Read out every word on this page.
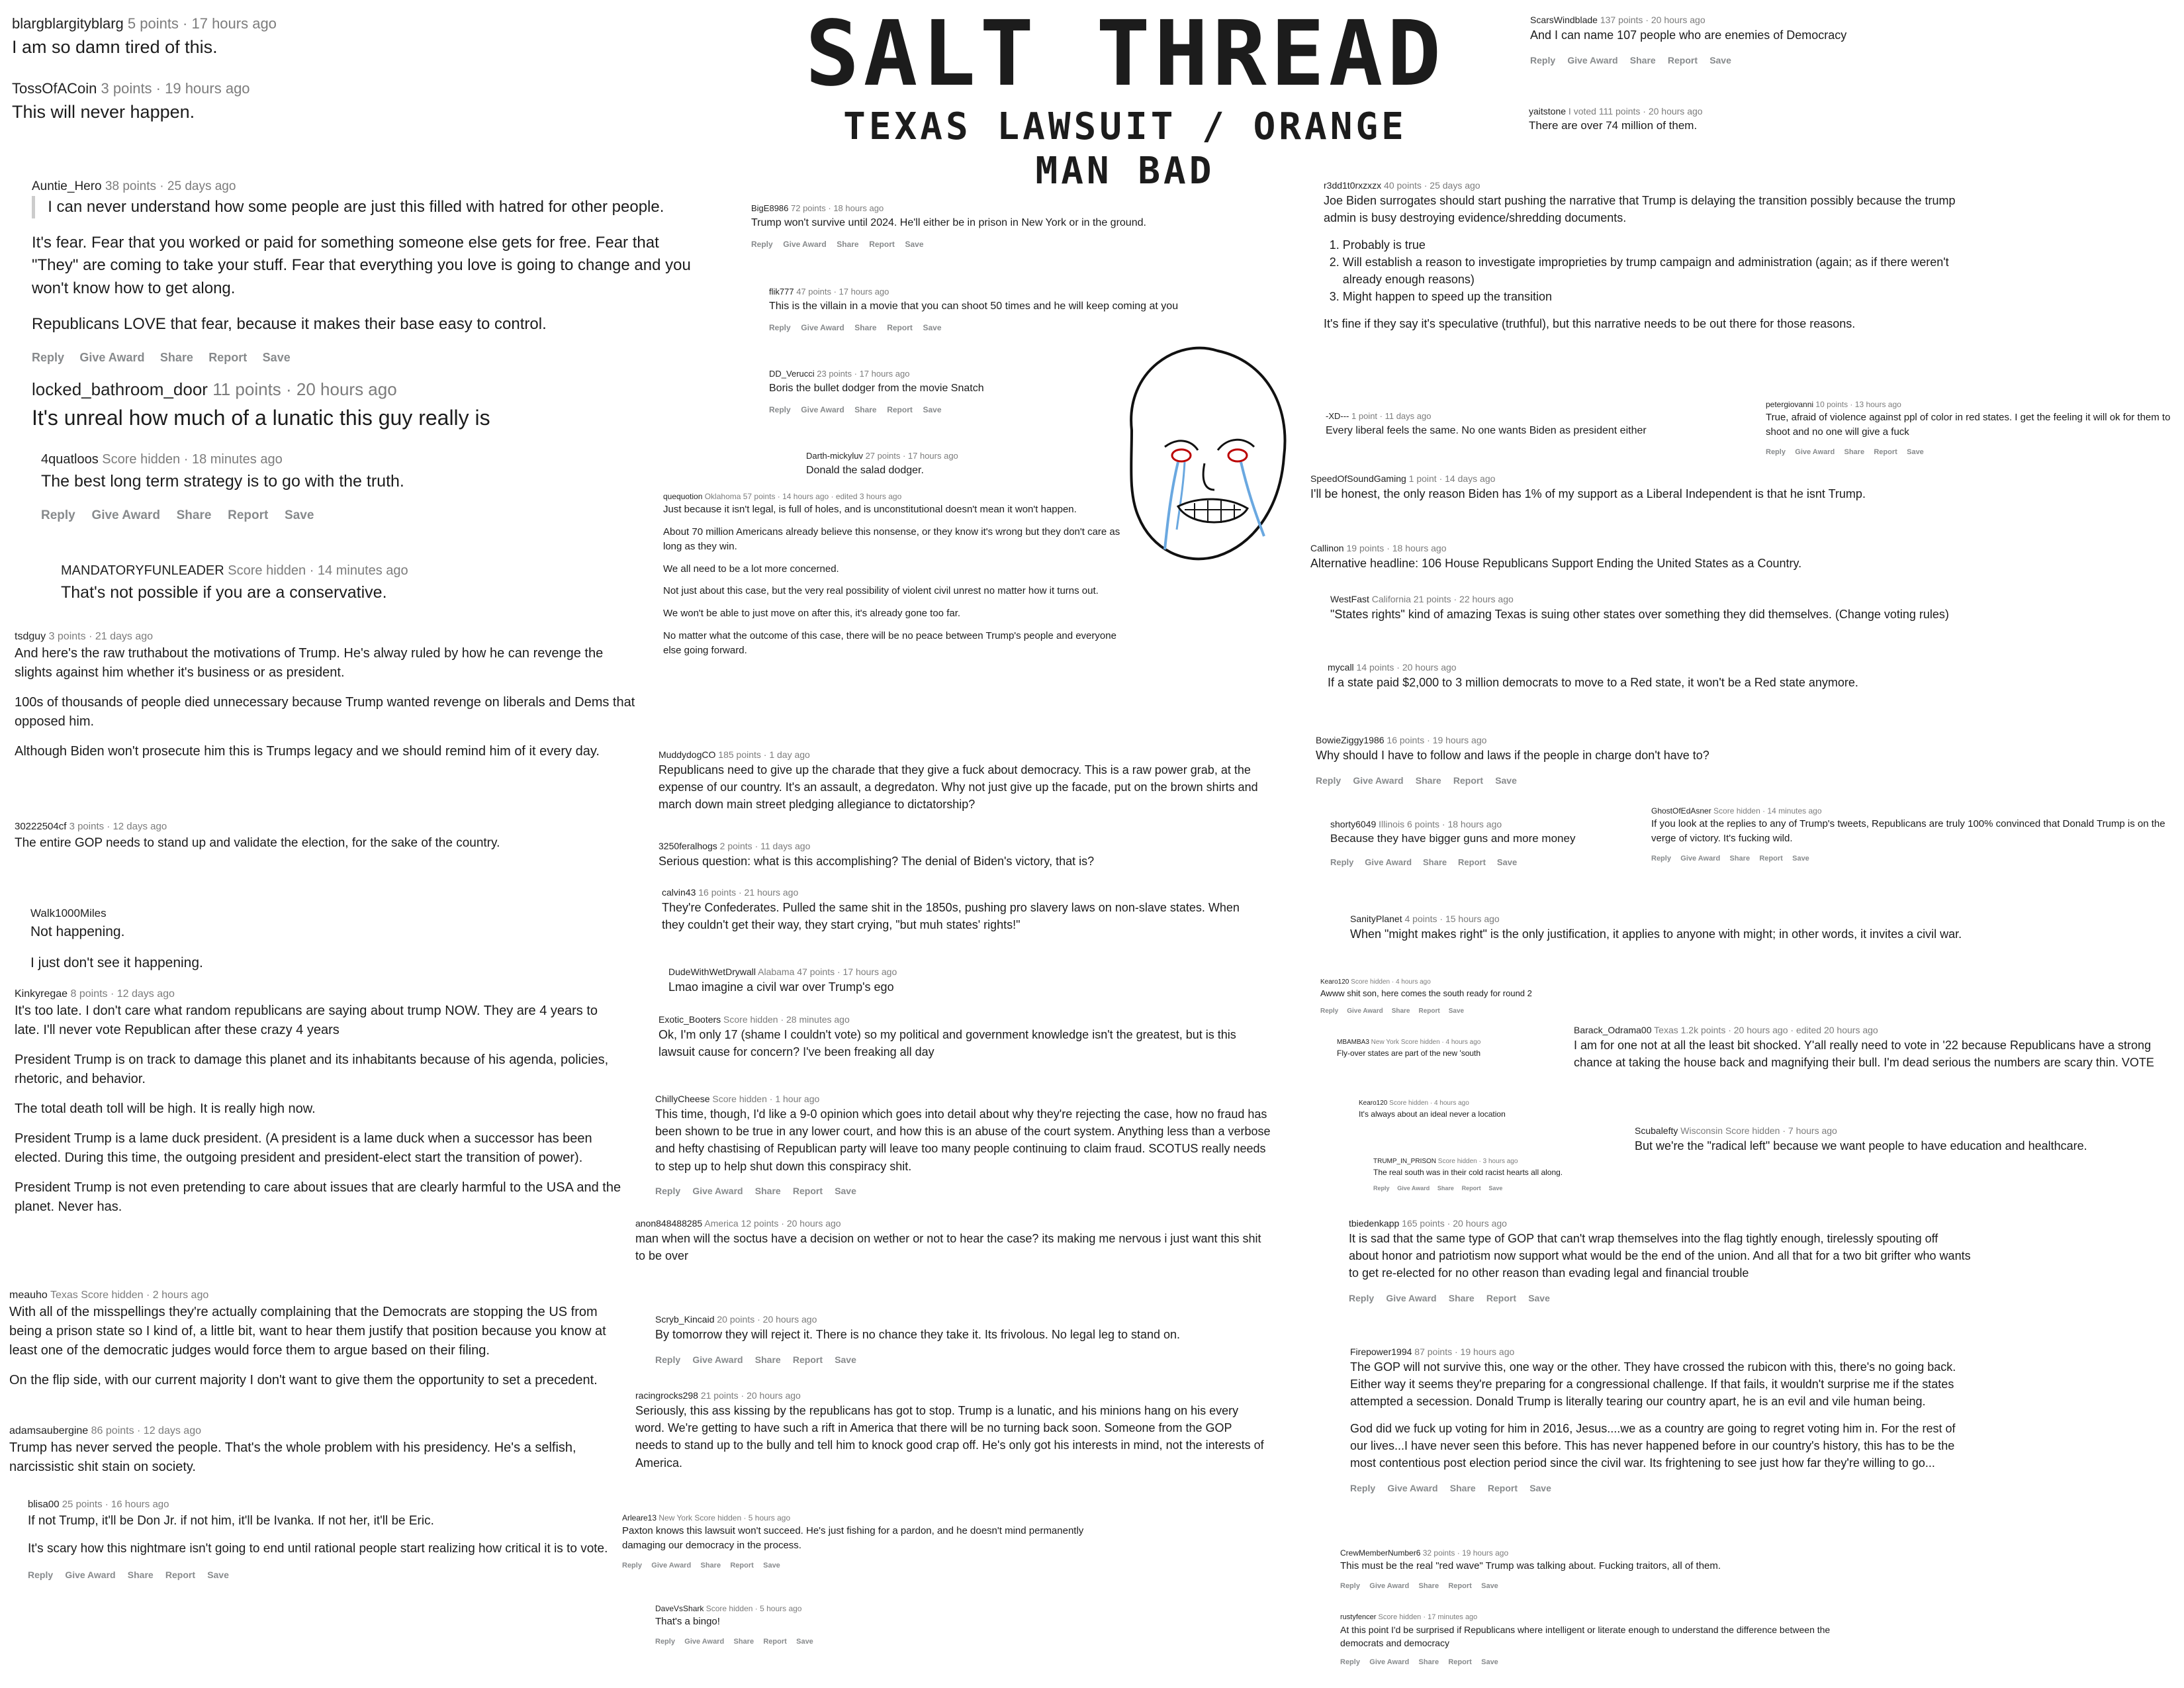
SALT THREAD
TEXAS LAWSUIT / ORANGE MAN BAD
blargblargityblarg 5 points · 17 hours ago

I am so damn tired of this.

TossOfACoin 3 points · 19 hours ago

This will never happen.

Auntie_Hero 38 points · 25 days ago

I can never understand how some people are just this filled with hatred for other people.

It's fear. Fear that you worked or paid for something someone else gets for free. Fear that "They" are coming to take your stuff. Fear that everything you love is going to change and you won't know how to get along.

Republicans LOVE that fear, because it makes their base easy to control.

Reply Give Award Share Report Save
locked_bathroom_door 11 points · 20 hours ago

It's unreal how much of a lunatic this guy really is

4quatloos Score hidden · 18 minutes ago

The best long term strategy is to go with the truth.

Reply Give Award Share Report Save
MANDATORYFUNLEADER Score hidden · 14 minutes ago

That's not possible if you are a conservative.

tsdguy 3 points · 21 days ago

And here's the raw truthabout the motivations of Trump. He's alway ruled by how he can revenge the slights against him whether it's business or as president.

100s of thousands of people died unnecessary because Trump wanted revenge on liberals and Dems that opposed him.

Although Biden won't prosecute him this is Trumps legacy and we should remind him of it every day.

30222504cf 3 points · 12 days ago

The entire GOP needs to stand up and validate the election, for the sake of the country.

Walk1000Miles

Not happening.

I just don't see it happening.

Kinkyregae 8 points · 12 days ago

It's too late. I don't care what random republicans are saying about trump NOW. They are 4 years to late. I'll never vote Republican after these crazy 4 years

President Trump is on track to damage this planet and its inhabitants because of his agenda, policies, rhetoric, and behavior.

The total death toll will be high. It is really high now.

President Trump is a lame duck president. (A president is a lame duck when a successor has been elected. During this time, the outgoing president and president-elect start the transition of power).

President Trump is not even pretending to care about issues that are clearly harmful to the USA and the planet. Never has.

meauho Texas Score hidden · 2 hours ago

With all of the misspellings they're actually complaining that the Democrats are stopping the US from being a prison state so I kind of, a little bit, want to hear them justify that position because you know at least one of the democratic judges would force them to argue based on their filing.

On the flip side, with our current majority I don't want to give them the opportunity to set a precedent.

adamsaubergine 86 points · 12 days ago

Trump has never served the people. That's the whole problem with his presidency. He's a selfish, narcissistic shit stain on society.

blisa00 25 points · 16 hours ago

If not Trump, it'll be Don Jr. if not him, it'll be Ivanka. If not her, it'll be Eric.

It's scary how this nightmare isn't going to end until rational people start realizing how critical it is to vote.

Reply Give Award Share Report Save
BigE8986 72 points · 18 hours ago

Trump won't survive until 2024. He'll either be in prison in New York or in the ground.

Reply Give Award Share Report Save
flik777 47 points · 17 hours ago

This is the villain in a movie that you can shoot 50 times and he will keep coming at you

Reply Give Award Share Report Save
DD_Verucci 23 points · 17 hours ago

Boris the bullet dodger from the movie Snatch

Reply Give Award Share Report Save
Darth-mickyluv 27 points · 17 hours ago

Donald the salad dodger.

quequotion Oklahoma 57 points · 14 hours ago · edited 3 hours ago

Just because it isn't legal, is full of holes, and is unconstitutional doesn't mean it won't happen.

About 70 million Americans already believe this nonsense, or they know it's wrong but they don't care as long as they win.

We all need to be a lot more concerned.

Not just about this case, but the very real possibility of violent civil unrest no matter how it turns out.

We won't be able to just move on after this, it's already gone too far.

No matter what the outcome of this case, there will be no peace between Trump's people and everyone else going forward.

MuddydogCO 185 points · 1 day ago

Republicans need to give up the charade that they give a fuck about democracy. This is a raw power grab, at the expense of our country. It's an assault, a degredaton. Why not just give up the facade, put on the brown shirts and march down main street pledging allegiance to dictatorship?

3250feralhogs 2 points · 11 days ago

Serious question: what is this accomplishing? The denial of Biden's victory, that is?

calvin43 16 points · 21 hours ago

They're Confederates. Pulled the same shit in the 1850s, pushing pro slavery laws on non-slave states. When they couldn't get their way, they start crying, "but muh states' rights!"

DudeWithWetDrywall Alabama 47 points · 17 hours ago

Lmao imagine a civil war over Trump's ego

Exotic_Booters Score hidden · 28 minutes ago

Ok, I'm only 17 (shame I couldn't vote) so my political and government knowledge isn't the greatest, but is this lawsuit cause for concern? I've been freaking all day

ChillyCheese Score hidden · 1 hour ago

This time, though, I'd like a 9-0 opinion which goes into detail about why they're rejecting the case, how no fraud has been shown to be true in any lower court, and how this is an abuse of the court system. Anything less than a verbose and hefty chastising of Republican party will leave too many people continuing to claim fraud. SCOTUS really needs to step up to help shut down this conspiracy shit.

Reply Give Award Share Report Save
anon848488285 America 12 points · 20 hours ago

man when will the soctus have a decision on wether or not to hear the case? its making me nervous i just want this shit to be over

Scryb_Kincaid 20 points · 20 hours ago

By tomorrow they will reject it. There is no chance they take it. Its frivolous. No legal leg to stand on.

Reply Give Award Share Report Save
racingrocks298 21 points · 20 hours ago

Seriously, this ass kissing by the republicans has got to stop. Trump is a lunatic, and his minions hang on his every word. We're getting to have such a rift in America that there will be no turning back soon. Someone from the GOP needs to stand up to the bully and tell him to knock good crap off. He's only got his interests in mind, not the interests of America.

Arleare13 New York Score hidden · 5 hours ago

Paxton knows this lawsuit won't succeed. He's just fishing for a pardon, and he doesn't mind permanently damaging our democracy in the process.

Reply Give Award Share Report Save
DaveVsShark Score hidden · 5 hours ago

That's a bingo!

Reply Give Award Share Report Save
ScarsWindblade 137 points · 20 hours ago

And I can name 107 people who are enemies of Democracy

Reply Give Award Share Report Save
yaitstone I voted 111 points · 20 hours ago

There are over 74 million of them.

r3dd1t0rxzxzx 40 points · 25 days ago

Joe Biden surrogates should start pushing the narrative that Trump is delaying the transition possibly because the trump admin is busy destroying evidence/shredding documents.

1. Probably is true
2. Will establish a reason to investigate improprieties by trump campaign and administration (again; as if there weren't already enough reasons)
3. Might happen to speed up the transition

It's fine if they say it's speculative (truthful), but this narrative needs to be out there for those reasons.

-XD--- 1 point · 11 days ago

Every liberal feels the same. No one wants Biden as president either

petergiovanni 10 points · 13 hours ago

True, afraid of violence against ppl of color in red states. I get the feeling it will ok for them to shoot and no one will give a fuck

Reply Give Award Share Report Save
SpeedOfSoundGaming 1 point · 14 days ago

I'll be honest, the only reason Biden has 1% of my support as a Liberal Independent is that he isnt Trump.

Callinon 19 points · 18 hours ago

Alternative headline: 106 House Republicans Support Ending the United States as a Country.

WestFast California 21 points · 22 hours ago

"States rights" kind of amazing Texas is suing other states over something they did themselves. (Change voting rules)

mycall 14 points · 20 hours ago

If a state paid $2,000 to 3 million democrats to move to a Red state, it won't be a Red state anymore.

BowieZiggy1986 16 points · 19 hours ago

Why should I have to follow and laws if the people in charge don't have to?

Reply Give Award Share Report Save
shorty6049 Illinois 6 points · 18 hours ago

Because they have bigger guns and more money

Reply Give Award Share Report Save
GhostOfEdAsner Score hidden · 14 minutes ago

If you look at the replies to any of Trump's tweets, Republicans are truly 100% convinced that Donald Trump is on the verge of victory. It's fucking wild.

Reply Give Award Share Report Save
SanityPlanet 4 points · 15 hours ago

When "might makes right" is the only justification, it applies to anyone with might; in other words, it invites a civil war.

Barack_Odrama00 Texas 1.2k points · 20 hours ago · edited 20 hours ago

I am for one not at all the least bit shocked. Y'all really need to vote in '22 because Republicans have a strong chance at taking the house back and magnifying their bull. I'm dead serious the numbers are scary thin. VOTE

Scubalefty Wisconsin Score hidden · 7 hours ago

But we're the "radical left" because we want people to have education and healthcare.

tbiedenkapp 165 points · 20 hours ago

It is sad that the same type of GOP that can't wrap themselves into the flag tightly enough, tirelessly spouting off about honor and patriotism now support what would be the end of the union. And all that for a two bit grifter who wants to get re-elected for no other reason than evading legal and financial trouble

Reply Give Award Share Report Save
Firepower1994 87 points · 19 hours ago

The GOP will not survive this, one way or the other. They have crossed the rubicon with this, there's no going back. Either way it seems they're preparing for a congressional challenge. If that fails, it wouldn't surprise me if the states attempted a secession. Donald Trump is literally tearing our country apart, he is an evil and vile human being.

God did we fuck up voting for him in 2016, Jesus....we as a country are going to regret voting him in. For the rest of our lives...I have never seen this before. This has never happened before in our country's history, this has to be the most contentious post election period since the civil war. Its frightening to see just how far they're willing to go...

Reply Give Award Share Report Save
CrewMemberNumber6 32 points · 19 hours ago

This must be the real "red wave" Trump was talking about. Fucking traitors, all of them.

Reply Give Award Share Report Save
rustyfencer Score hidden · 17 minutes ago

At this point I'd be surprised if Republicans where intelligent or literate enough to understand the difference between the democrats and democracy

Reply Give Award Share Report Save
Kearo120 Score hidden · 4 hours ago

Awww shit son, here comes the south ready for round 2

Reply Give Award Share Report Save
MBAMBA3 New York Score hidden · 4 hours ago

Fly-over states are part of the new 'south

Kearo120 Score hidden · 4 hours ago

It's always about an ideal never a location

TRUMP_IN_PRISON Score hidden · 3 hours ago

The real south was in their cold racist hearts all along.

Reply Give Award Share Report Save
